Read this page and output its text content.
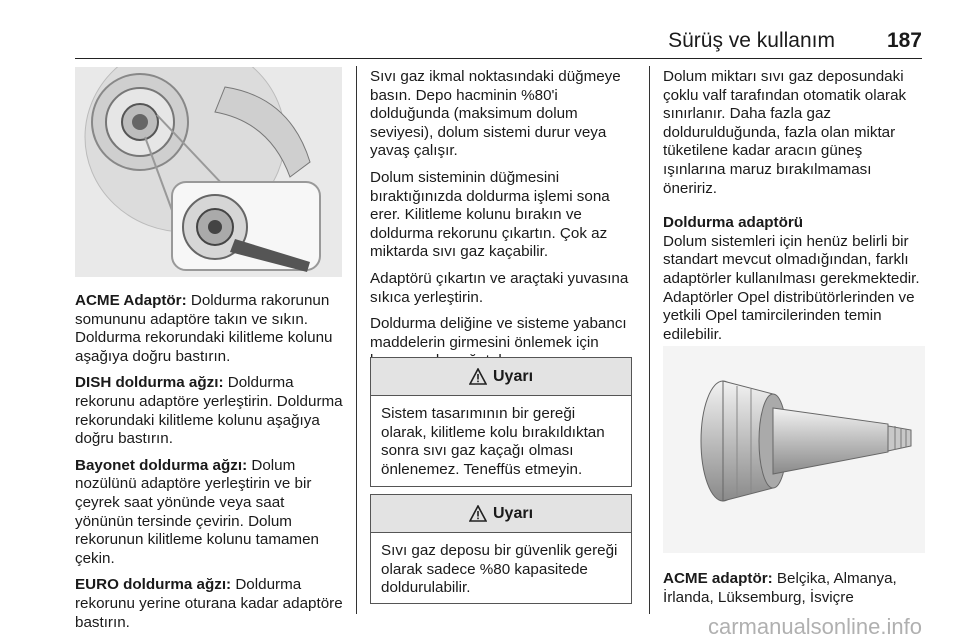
Sürüş ve kullanım 187

ACME Adaptör: Doldurma rakorunun somununu adaptöre takın ve sıkın. Doldurma rekorundaki kilitleme kolunu aşağıya doğru bastırın.

DISH doldurma ağzı: Doldurma rekorunu adaptöre yerleştirin. Doldurma rekorundaki kilitleme kolunu aşağıya doğru bastırın.

Bayonet doldurma ağzı: Dolum nozülünü adaptöre yerleştirin ve bir çeyrek saat yönünde veya saat yönünün tersinde çevirin. Dolum rekorunun kilitleme kolunu tamamen çekin.

EURO doldurma ağzı: Doldurma rekorunu yerine oturana kadar adaptöre bastırın.

Sıvı gaz ikmal noktasındaki düğmeye basın. Depo hacminin %80'i dolduğunda (maksimum dolum seviyesi), dolum sistemi durur veya yavaş çalışır.

Dolum sisteminin düğmesini bıraktığınızda doldurma işlemi sona erer. Kilitleme kolunu bırakın ve doldurma rekorunu çıkartın. Çok az miktarda sıvı gaz kaçabilir.

Adaptörü çıkartın ve araçtaki yuvasına sıkıca yerleştirin.

Doldurma deliğine ve sisteme yabancı maddelerin girmesini önlemek için

Uyarı
Sistem tasarımının bir gereği olarak, kilitleme kolu bırakıldıktan sonra sıvı gaz kaçağı olması önlenemez. Teneffüs etmeyin.
Uyarı
Sıvı gaz deposu bir güvenlik gereği olarak sadece %80 kapasitede doldurulabilir.

Dolum miktarı sıvı gaz deposundaki çoklu valf tarafından otomatik olarak sınırlanır. Daha fazla gaz doldurulduğunda, fazla olan miktar tüketilene kadar aracın güneş ışınlarına maruz bırakılmaması öneririz.

Doldurma adaptörü

Dolum sistemleri için henüz belirli bir standart mevcut olmadığından, farklı adaptörler kullanılması gerekmektedir. Adaptörler Opel distribütörlerinden ve yetkili Opel tamircilerinden temin edilebilir.

ACME adaptör: Belçika, Almanya, İrlanda, Lüksemburg, İsviçre
carmanualsonline.info
